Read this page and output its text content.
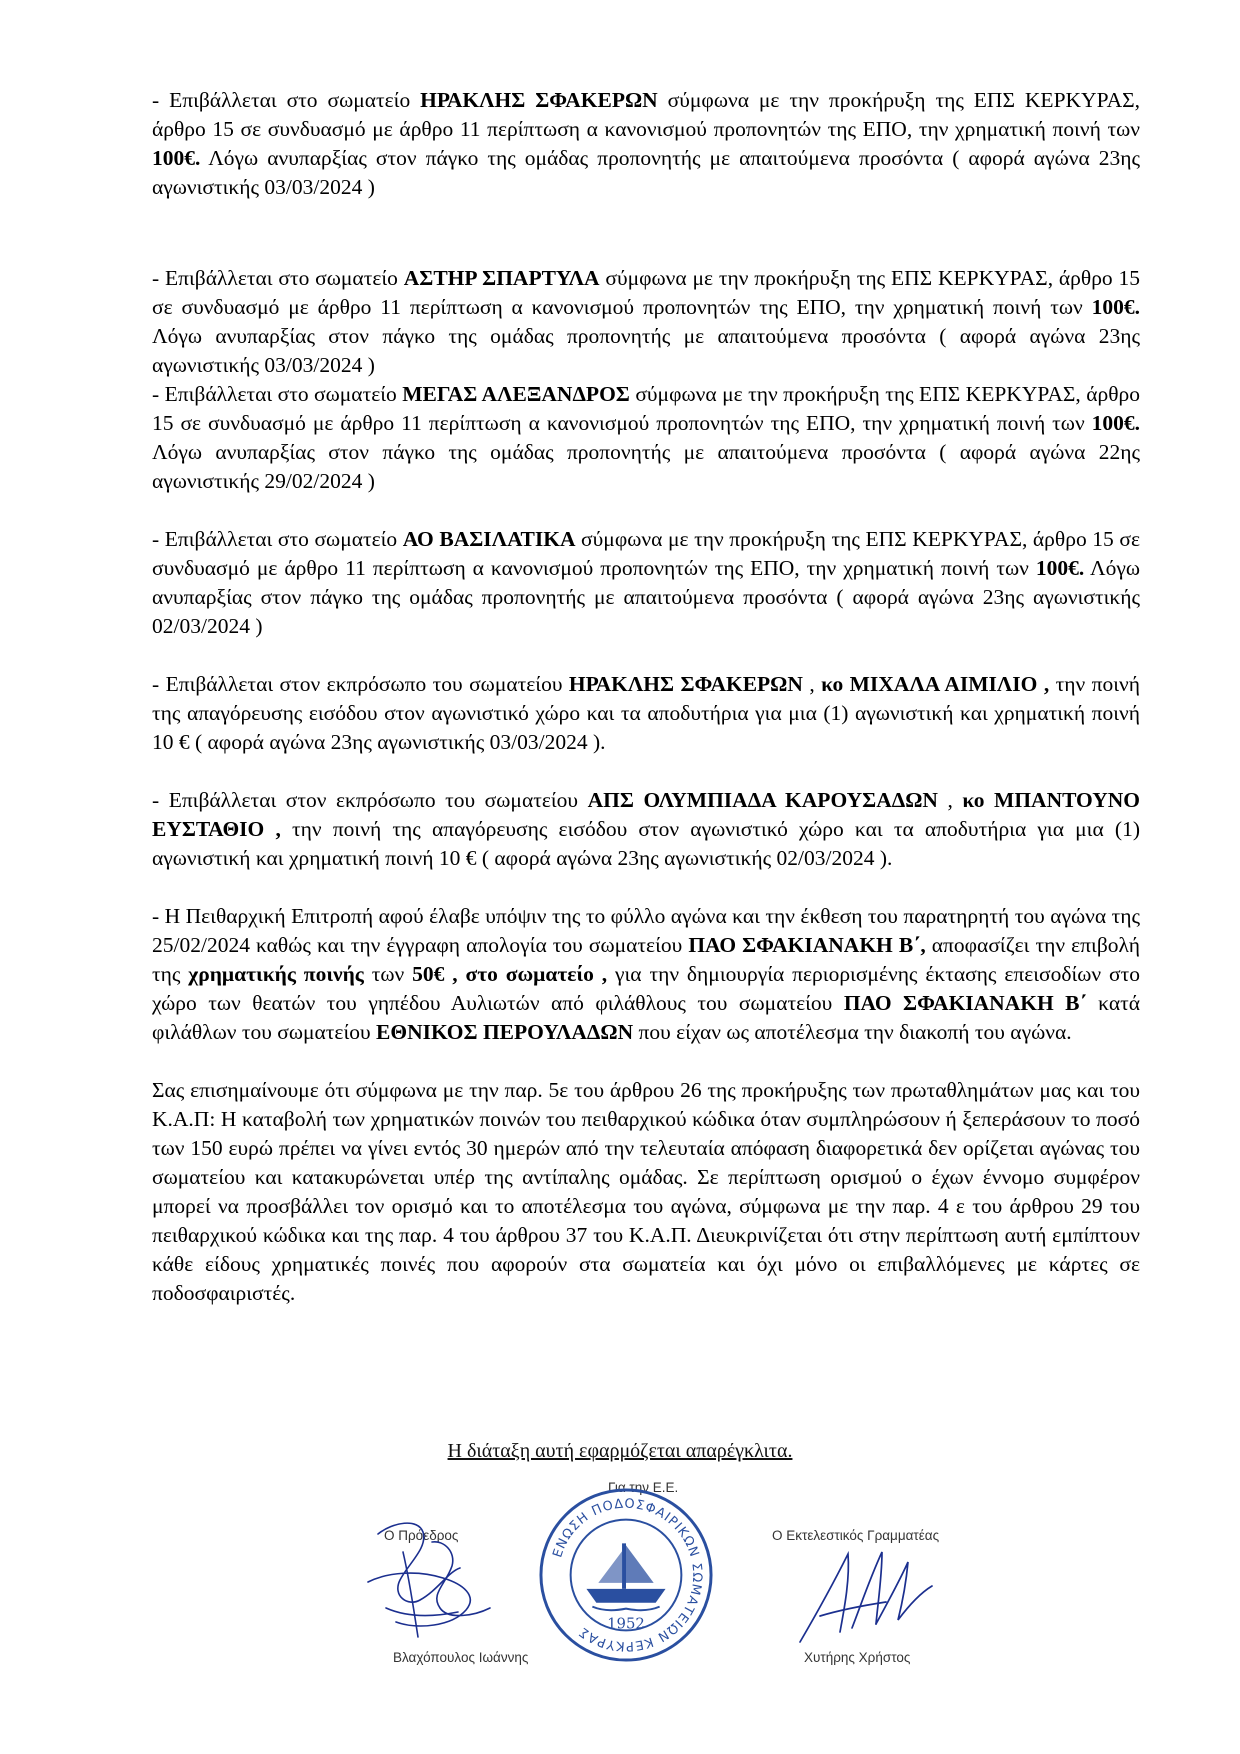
- Επιβάλλεται στο σωματείο ΗΡΑΚΛΗΣ ΣΦΑΚΕΡΩΝ σύμφωνα με την προκήρυξη της ΕΠΣ ΚΕΡΚΥΡΑΣ, άρθρο 15 σε συνδυασμό με άρθρο 11 περίπτωση α κανονισμού προπονητών της ΕΠΟ, την χρηματική ποινή των 100€. Λόγω ανυπαρξίας στον πάγκο της ομάδας προπονητής με απαιτούμενα προσόντα ( αφορά αγώνα 23ης αγωνιστικής 03/03/2024 )

- Επιβάλλεται στο σωματείο ΑΣΤΗΡ ΣΠΑΡΤΥΛΑ σύμφωνα με την προκήρυξη της ΕΠΣ ΚΕΡΚΥΡΑΣ, άρθρο 15 σε συνδυασμό με άρθρο 11 περίπτωση α κανονισμού προπονητών της ΕΠΟ, την χρηματική ποινή των 100€. Λόγω ανυπαρξίας στον πάγκο της ομάδας προπονητής με απαιτούμενα προσόντα ( αφορά αγώνα 23ης αγωνιστικής 03/03/2024 )

- Επιβάλλεται στο σωματείο ΜΕΓΑΣ ΑΛΕΞΑΝΔΡΟΣ σύμφωνα με την προκήρυξη της ΕΠΣ ΚΕΡΚΥΡΑΣ, άρθρο 15 σε συνδυασμό με άρθρο 11 περίπτωση α κανονισμού προπονητών της ΕΠΟ, την χρηματική ποινή των 100€. Λόγω ανυπαρξίας στον πάγκο της ομάδας προπονητής με απαιτούμενα προσόντα ( αφορά αγώνα 22ης αγωνιστικής 29/02/2024 )

- Επιβάλλεται στο σωματείο ΑΟ ΒΑΣΙΛΑΤΙΚΑ σύμφωνα με την προκήρυξη της ΕΠΣ ΚΕΡΚΥΡΑΣ, άρθρο 15 σε συνδυασμό με άρθρο 11 περίπτωση α κανονισμού προπονητών της ΕΠΟ, την χρηματική ποινή των 100€. Λόγω ανυπαρξίας στον πάγκο της ομάδας προπονητής με απαιτούμενα προσόντα ( αφορά αγώνα 23ης αγωνιστικής 02/03/2024 )

- Επιβάλλεται στον εκπρόσωπο του σωματείου ΗΡΑΚΛΗΣ ΣΦΑΚΕΡΩΝ , κο ΜΙΧΑΛΑ ΑΙΜΙΛΙΟ , την ποινή της απαγόρευσης εισόδου στον αγωνιστικό χώρο και τα αποδυτήρια για μια (1) αγωνιστική και χρηματική ποινή 10 € ( αφορά αγώνα 23ης αγωνιστικής 03/03/2024 ).

- Επιβάλλεται στον εκπρόσωπο του σωματείου ΑΠΣ ΟΛΥΜΠΙΑΔΑ ΚΑΡΟΥΣΑΔΩΝ , κο ΜΠΑΝΤΟΥΝΟ ΕΥΣΤΑΘΙΟ , την ποινή της απαγόρευσης εισόδου στον αγωνιστικό χώρο και τα αποδυτήρια για μια (1) αγωνιστική και χρηματική ποινή 10 € ( αφορά αγώνα 23ης αγωνιστικής 02/03/2024 ).

- Η Πειθαρχική Επιτροπή αφού έλαβε υπόψιν της το φύλλο αγώνα και την έκθεση του παρατηρητή του αγώνα της 25/02/2024 καθώς και την έγγραφη απολογία του σωματείου ΠΑΟ ΣΦΑΚΙΑΝΑΚΗ Β΄, αποφασίζει την επιβολή της χρηματικής ποινής των 50€ , στο σωματείο , για την δημιουργία περιορισμένης έκτασης επεισοδίων στο χώρο των θεατών του γηπέδου Αυλιωτών από φιλάθλους του σωματείου ΠΑΟ ΣΦΑΚΙΑΝΑΚΗ Β΄ κατά φιλάθλων του σωματείου ΕΘΝΙΚΟΣ ΠΕΡΟΥΛΑΔΩΝ που είχαν ως αποτέλεσμα την διακοπή του αγώνα.

Σας επισημαίνουμε ότι σύμφωνα με την παρ. 5ε του άρθρου 26 της προκήρυξης των πρωταθλημάτων μας και του Κ.Α.Π: Η καταβολή των χρηματικών ποινών του πειθαρχικού κώδικα όταν συμπληρώσουν ή ξεπεράσουν το ποσό των 150 ευρώ πρέπει να γίνει εντός 30 ημερών από την τελευταία απόφαση διαφορετικά δεν ορίζεται αγώνας του σωματείου και κατακυρώνεται υπέρ της αντίπαλης ομάδας. Σε περίπτωση ορισμού ο έχων έννομο συμφέρον μπορεί να προσβάλλει τον ορισμό και το αποτέλεσμα του αγώνα, σύμφωνα με την παρ. 4 ε του άρθρου 29 του πειθαρχικού κώδικα και της παρ. 4 του άρθρου 37 του Κ.Α.Π. Διευκρινίζεται ότι στην περίπτωση αυτή εμπίπτουν κάθε είδους χρηματικές ποινές που αφορούν στα σωματεία και όχι μόνο οι επιβαλλόμενες με κάρτες σε ποδοσφαιριστές.

Η διάταξη αυτή εφαρμόζεται απαρέγκλιτα.
Για την Ε.Ε.
Ο Πρόεδρος	Ο Εκτελεστικός Γραμματέας
Βλαχόπουλος Ιωάννης	Χυτήρης Χρήστος
ΕΝΩΣΗ ΠΟΔΟΣΦΑΙΡΙΚΩΝ ΣΩΜΑΤΕΙΩΝ ΚΕΡΚΥΡΑΣ 1952
